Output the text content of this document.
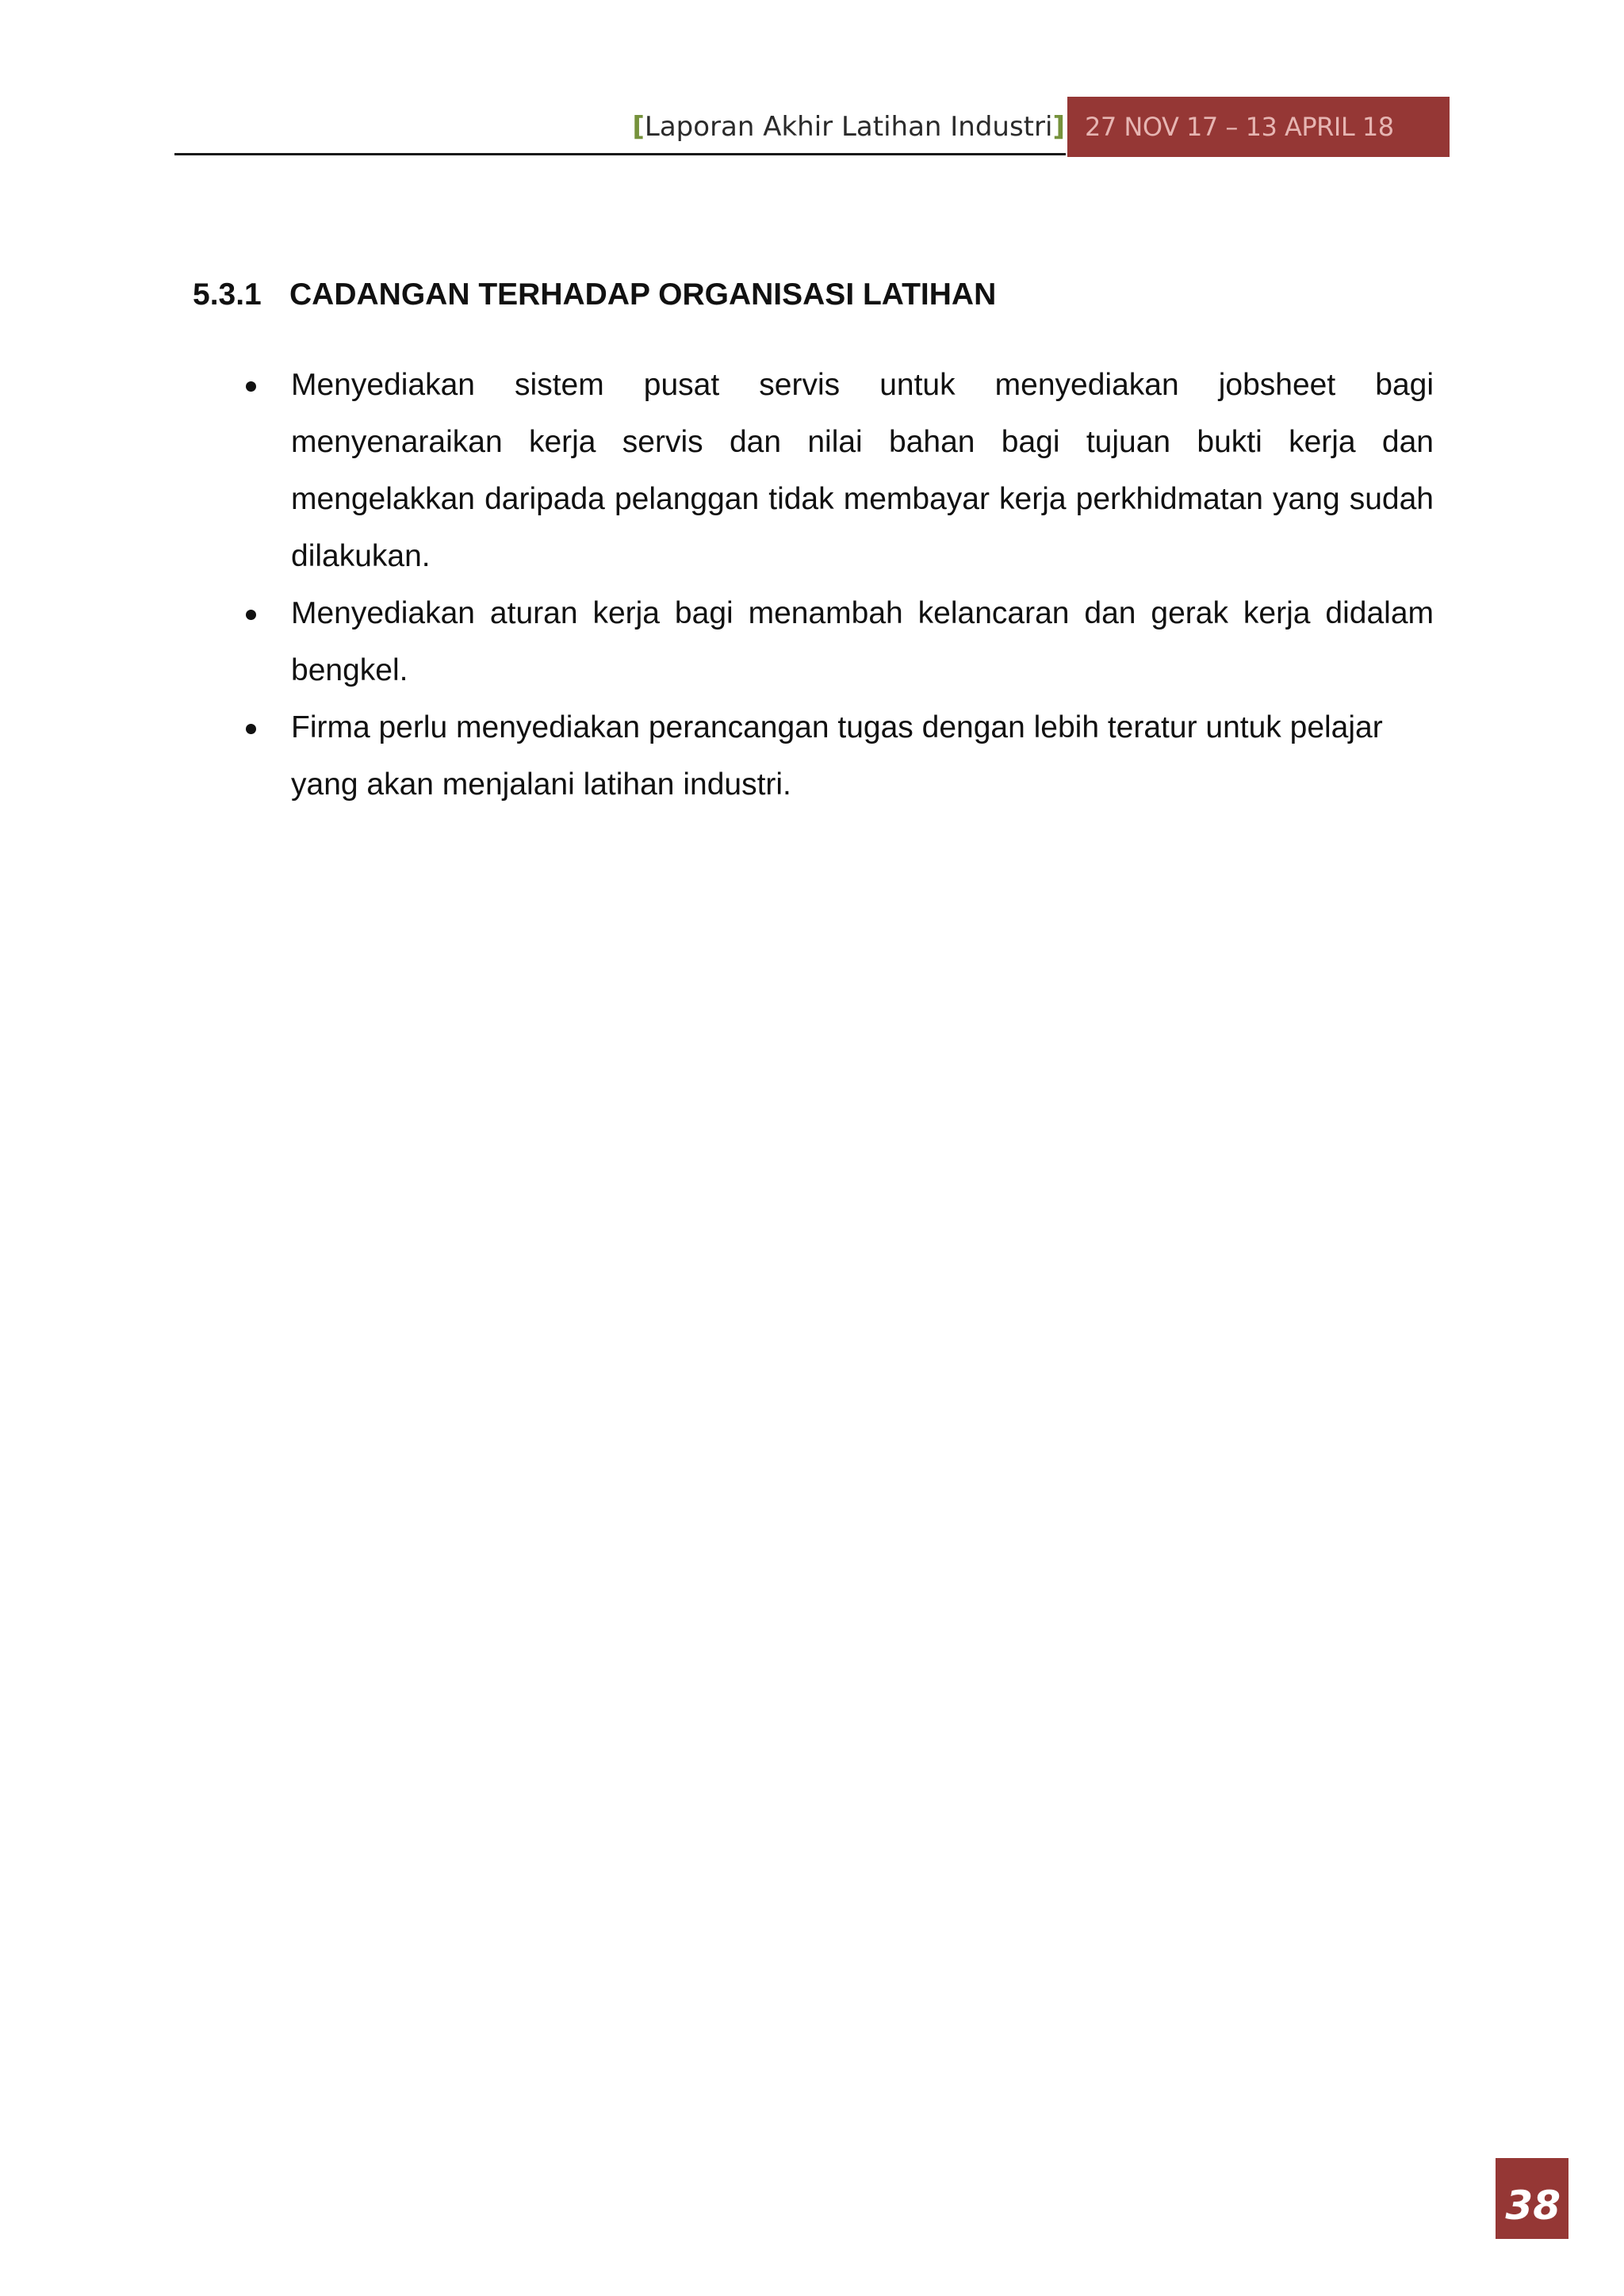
[Laporan Akhir Latihan Industri] 27 NOV 17 – 13 APRIL 18
5.3.1 CADANGAN TERHADAP ORGANISASI LATIHAN
Menyediakan sistem pusat servis untuk menyediakan jobsheet bagi menyenaraikan kerja servis dan nilai bahan bagi tujuan bukti kerja dan mengelakkan daripada pelanggan tidak membayar kerja perkhidmatan yang sudah dilakukan.
Menyediakan aturan kerja bagi menambah kelancaran dan gerak kerja didalam bengkel.
Firma perlu menyediakan perancangan tugas dengan lebih teratur untuk pelajar yang akan menjalani latihan industri.
38
